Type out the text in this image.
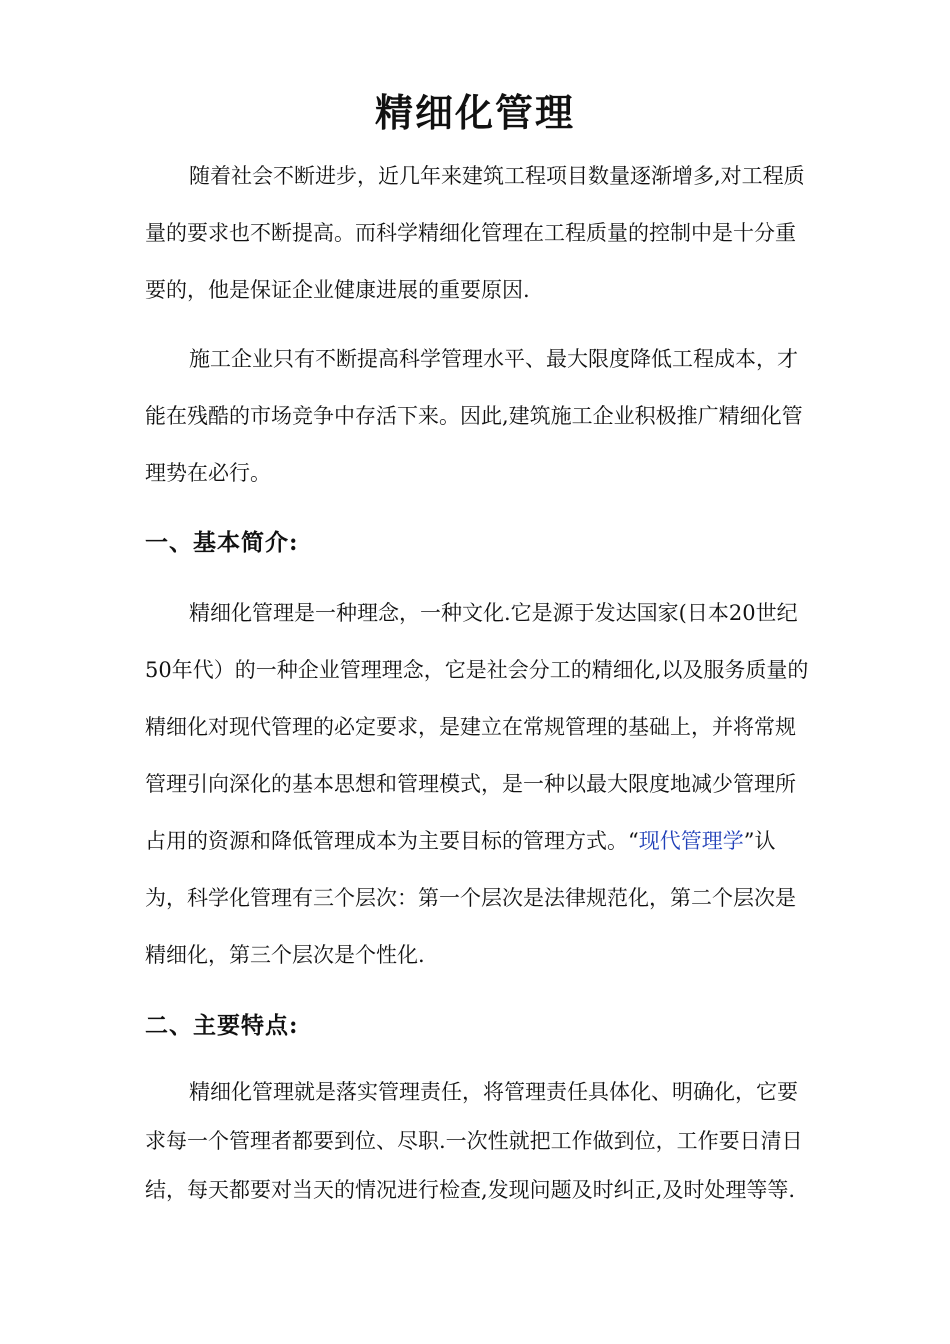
精细化管理

随着社会不断进步，近几年来建筑工程项目数量逐渐增多,对工程质量的要求也不断提高。而科学精细化管理在工程质量的控制中是十分重要的，他是保证企业健康进展的重要原因.

施工企业只有不断提高科学管理水平、最大限度降低工程成本，才能在残酷的市场竞争中存活下来。因此,建筑施工企业积极推广精细化管理势在必行。

一、基本简介:

精细化管理是一种理念，一种文化.它是源于发达国家(日本20世纪50年代）的一种企业管理理念，它是社会分工的精细化,以及服务质量的精细化对现代管理的必定要求，是建立在常规管理的基础上，并将常规管理引向深化的基本思想和管理模式，是一种以最大限度地减少管理所占用的资源和降低管理成本为主要目标的管理方式。“现代管理学”认为，科学化管理有三个层次：第一个层次是法律规范化，第二个层次是精细化，第三个层次是个性化.

二、主要特点:

精细化管理就是落实管理责任，将管理责任具体化、明确化，它要求每一个管理者都要到位、尽职.一次性就把工作做到位，工作要日清日结，每天都要对当天的情况进行检查,发现问题及时纠正,及时处理等等.
